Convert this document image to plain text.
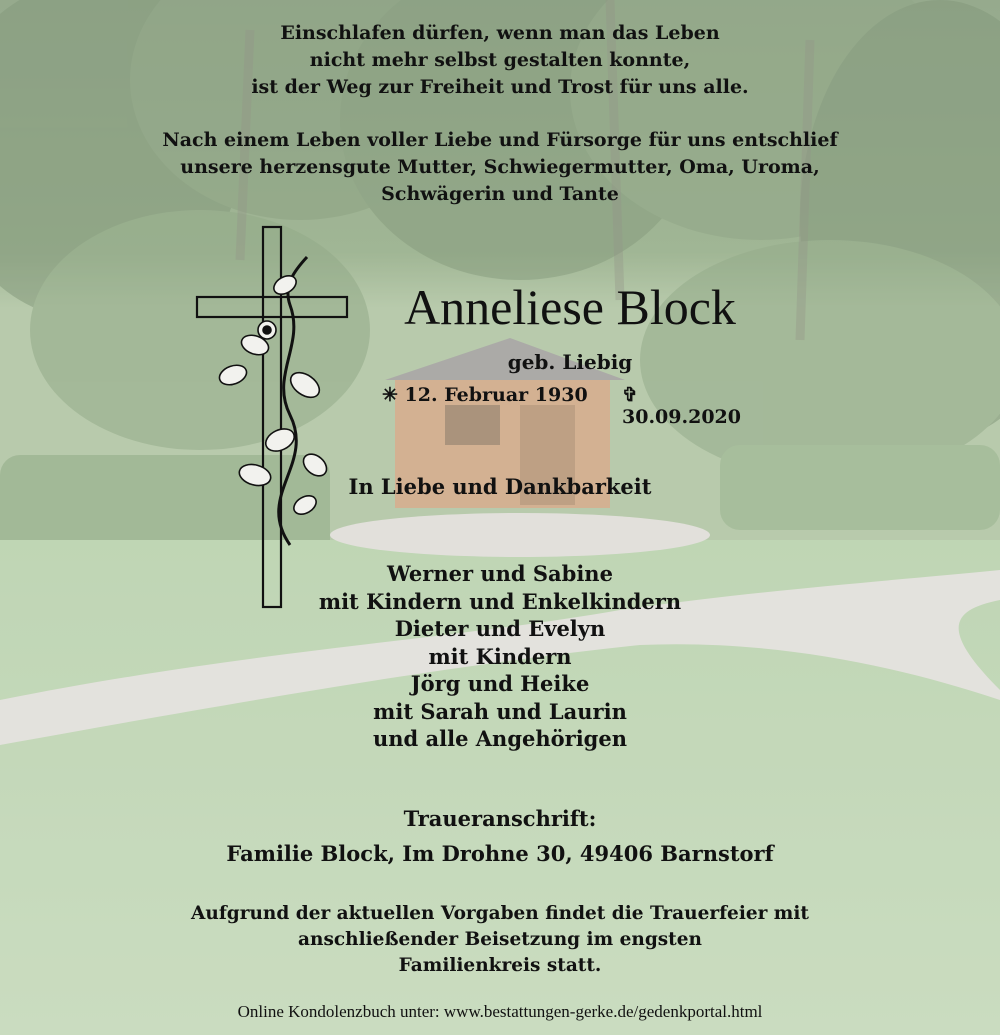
Einschlafen dürfen, wenn man das Leben
nicht mehr selbst gestalten konnte,
ist der Weg zur Freiheit und Trost für uns alle.
Nach einem Leben voller Liebe und Fürsorge für uns entschlief
unsere herzensgute Mutter, Schwiegermutter, Oma, Uroma,
Schwägerin und Tante
Anneliese Block
geb. Liebig
✳ 12. Februar 1930 ✞ 30.09.2020
In Liebe und Dankbarkeit
Werner und Sabine
mit Kindern und Enkelkindern
Dieter und Evelyn
mit Kindern
Jörg und Heike
mit Sarah und Laurin
und alle Angehörigen
Traueranschrift:
Familie Block, Im Drohne 30, 49406 Barnstorf
Aufgrund der aktuellen Vorgaben findet die Trauerfeier mit
anschließender Beisetzung im engsten
Familienkreis statt.
Online Kondolenzbuch unter: www.bestattungen-gerke.de/gedenkportal.html
